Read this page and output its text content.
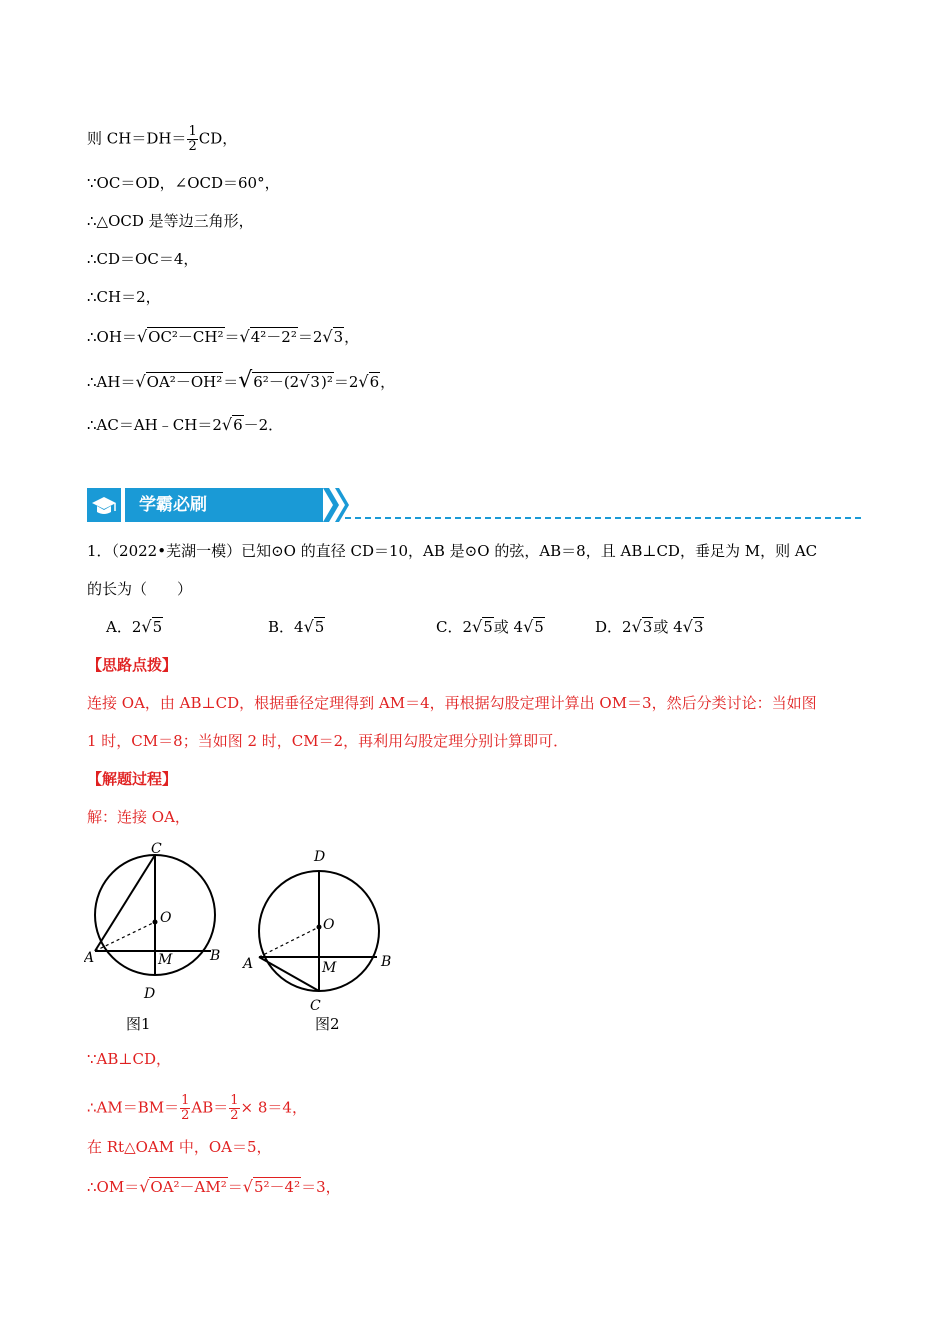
则 $CH=DH= \frac{1}{2}$ CD，
∵OC＝OD，∠OCD＝60°，
∴△OCD 是等边三角形，
∴CD＝OC＝4，
∴CH＝2，
∴OH＝√OC²－CH²＝√4²－2²＝2√3，
∴AH＝√OA²－OH²＝√6²－(2√3)²＝2√6，
∴AC＝AH﹣CH＝2√6－2．
学霸必刷
1．（2022•芜湖一模）已知⊙O 的直径 CD＝10，AB 是⊙O 的弦，AB＝8，且 AB⊥CD，垂足为 M，则 AC
的长为（　　）
A．2√5	B．4√5	C．2√5或 4√5	D．2√3或 4√3
【思路点拨】
连接 OA，由 AB⊥CD，根据垂径定理得到 AM＝4，再根据勾股定理计算出 OM＝3，然后分类讨论：当如图
1 时，CM＝8；当如图 2 时，CM＝2，再利用勾股定理分别计算即可．
【解题过程】
解：连接 OA，
C
O
A	B
M
D
图1
D
O
A	B
M
C
图2
∵AB⊥CD，
∴AM＝BM＝ $\frac{1}{2} AB= \frac{1}{2} \times 8=4$，
在 Rt△OAM 中，OA＝5，
∴OM＝√OA²－AM²＝√5²－4²＝3，
